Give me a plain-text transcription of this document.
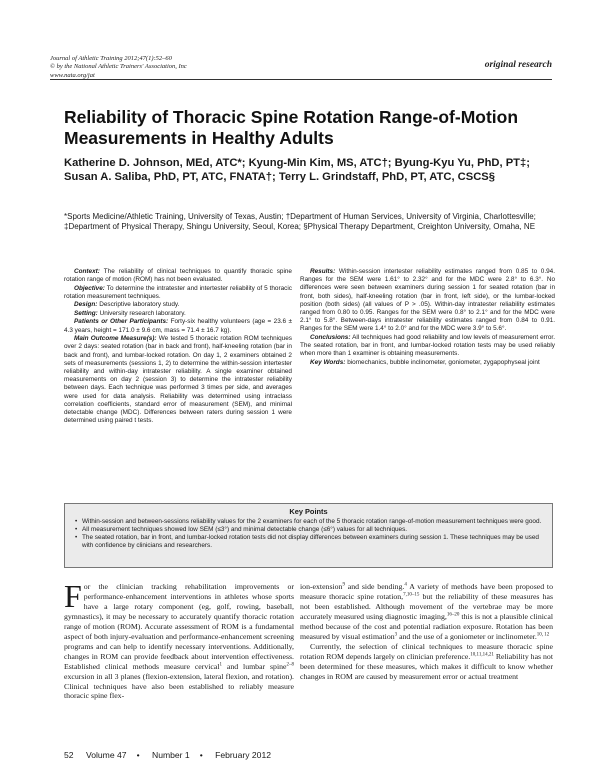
Journal of Athletic Training 2012;47(1):52–60
© by the National Athletic Trainers' Association, Inc
www.nata.org/jat
original research
Reliability of Thoracic Spine Rotation Range-of-Motion Measurements in Healthy Adults

Katherine D. Johnson, MEd, ATC*; Kyung-Min Kim, MS, ATC†; Byung-Kyu Yu, PhD, PT‡; Susan A. Saliba, PhD, PT, ATC, FNATA†; Terry L. Grindstaff, PhD, PT, ATC, CSCS§

*Sports Medicine/Athletic Training, University of Texas, Austin; †Department of Human Services, University of Virginia, Charlottesville; ‡Department of Physical Therapy, Shingu University, Seoul, Korea; §Physical Therapy Department, Creighton University, Omaha, NE

Context: The reliability of clinical techniques to quantify thoracic spine rotation range of motion (ROM) has not been evaluated.

Objective: To determine the intratester and intertester reliability of 5 thoracic rotation measurement techniques.

Design: Descriptive laboratory study.

Setting: University research laboratory.

Patients or Other Participants: Forty-six healthy volunteers (age = 23.6 ± 4.3 years, height = 171.0 ± 9.6 cm, mass = 71.4 ± 16.7 kg).

Main Outcome Measure(s): We tested 5 thoracic rotation ROM techniques over 2 days: seated rotation (bar in back and front), half-kneeling rotation (bar in back and front), and lumbar-locked rotation. On day 1, 2 examiners obtained 2 sets of measurements (sessions 1, 2) to determine the within-session intertester reliability and within-day intratester reliability. A single examiner obtained measurements on day 2 (session 3) to determine the intratester reliability between days. Each technique was performed 3 times per side, and averages were used for data analysis. Reliability was determined using intraclass correlation coefficients, standard error of measurement (SEM), and minimal detectable change (MDC). Differences between raters during session 1 were determined using paired t tests.

Results: Within-session intertester reliability estimates ranged from 0.85 to 0.94. Ranges for the SEM were 1.61° to 2.32° and for the MDC were 2.8° to 6.3°. No differences were seen between examiners during session 1 for seated rotation (bar in front, both sides), half-kneeling rotation (bar in front, left side), or the lumbar-locked position (both sides) (all values of P > .05). Within-day intratester reliability estimates ranged from 0.80 to 0.95. Ranges for the SEM were 0.8° to 2.1° and for the MDC were 2.1° to 5.8°. Between-days intratester reliability estimates ranged from 0.84 to 0.91. Ranges for the SEM were 1.4° to 2.0° and for the MDC were 3.9° to 5.6°.

Conclusions: All techniques had good reliability and low levels of measurement error. The seated rotation, bar in front, and lumbar-locked rotation tests may be used reliably when more than 1 examiner is obtaining measurements.

Key Words: biomechanics, bubble inclinometer, goniometer, zygapophyseal joint

Key Points
• Within-session and between-sessions reliability values for the 2 examiners for each of the 5 thoracic rotation range-of-motion measurement techniques were good.
• All measurement techniques showed low SEM (≤3°) and minimal detectable change (≤6°) values for all techniques.
• The seated rotation, bar in front, and lumbar-locked rotation tests did not display differences between examiners during session 1. These techniques may be used with confidence by clinicians and researchers.

For the clinician tracking rehabilitation improvements or performance-enhancement interventions in athletes whose sports have a large rotary component (eg, golf, rowing, baseball, gymnastics), it may be necessary to accurately quantify thoracic rotation range of motion (ROM). Accurate assessment of ROM is a fundamental aspect of both injury-evaluation and performance-enhancement screening programs and can help to identify necessary interventions. Additionally, changes in ROM can provide feedback about intervention effectiveness. Established clinical methods measure cervical$^1$ and lumbar spine$^{2-8}$ excursion in all 3 planes (flexion-extension, lateral flexion, and rotation). Clinical techniques have also been established to reliably measure thoracic spine flex-

ion-extension$^9$ and side bending.$^4$ A variety of methods have been proposed to measure thoracic spine rotation,$^{7,10-15}$ but the reliability of these measures has not been established. Although movement of the vertebrae may be more accurately measured using diagnostic imaging,$^{16-20}$ this is not a plausible clinical method because of the cost and potential radiation exposure. Rotation has been measured by visual estimation$^3$ and the use of a goniometer or inclinometer.$^{10, 12}$

Currently, the selection of clinical techniques to measure thoracic spine rotation ROM depends largely on clinician preference.$^{10,11,14,21}$ Reliability has not been determined for these measures, which makes it difficult to know whether changes in ROM are caused by measurement error or actual treatment

52 Volume 47 • Number 1 • February 2012
